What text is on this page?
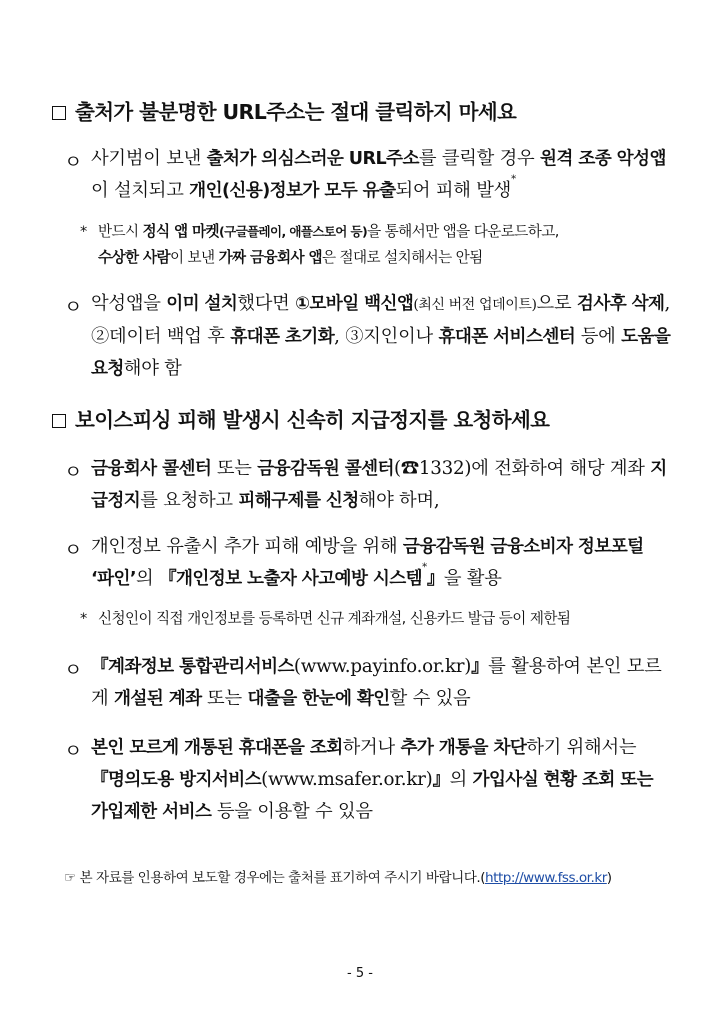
출처가 불분명한 URL주소는 절대 클릭하지 마세요
ㅇ 사기범이 보낸 출처가 의심스러운 URL주소를 클릭할 경우 원격 조종 악성앱이 설치되고 개인(신용)정보가 모두 유출되어 피해 발생*
* 반드시 정식 앱 마켓(구글플레이, 애플스토어 등)을 통해서만 앱을 다운로드하고,
수상한 사람이 보낸 가짜 금융회사 앱은 절대로 설치해서는 안됨
ㅇ 악성앱을 이미 설치했다면 ①모바일 백신앱(최신 버전 업데이트)으로 검사후 삭제, ②데이터 백업 후 휴대폰 초기화, ③지인이나 휴대폰 서비스센터 등에 도움을 요청해야 함
보이스피싱 피해 발생시 신속히 지급정지를 요청하세요
ㅇ 금융회사 콜센터 또는 금융감독원 콜센터(☎1332)에 전화하여 해당 계좌 지급정지를 요청하고 피해구제를 신청해야 하며,
ㅇ 개인정보 유출시 추가 피해 예방을 위해 금융감독원 금융소비자 정보포털 ‘파인’의 『개인정보 노출자 사고예방 시스템*』을 활용
* 신청인이 직접 개인정보를 등록하면 신규 계좌개설, 신용카드 발급 등이 제한됨
ㅇ 『계좌정보 통합관리서비스(www.payinfo.or.kr)』를 활용하여 본인 모르게 개설된 계좌 또는 대출을 한눈에 확인할 수 있음
ㅇ 본인 모르게 개통된 휴대폰을 조회하거나 추가 개통을 차단하기 위해서는 『명의도용 방지서비스(www.msafer.or.kr)』의 가입사실 현황 조회 또는 가입제한 서비스 등을 이용할 수 있음
☞ 본 자료를 인용하여 보도할 경우에는 출처를 표기하여 주시기 바랍니다.(http://www.fss.or.kr)
- 5 -
